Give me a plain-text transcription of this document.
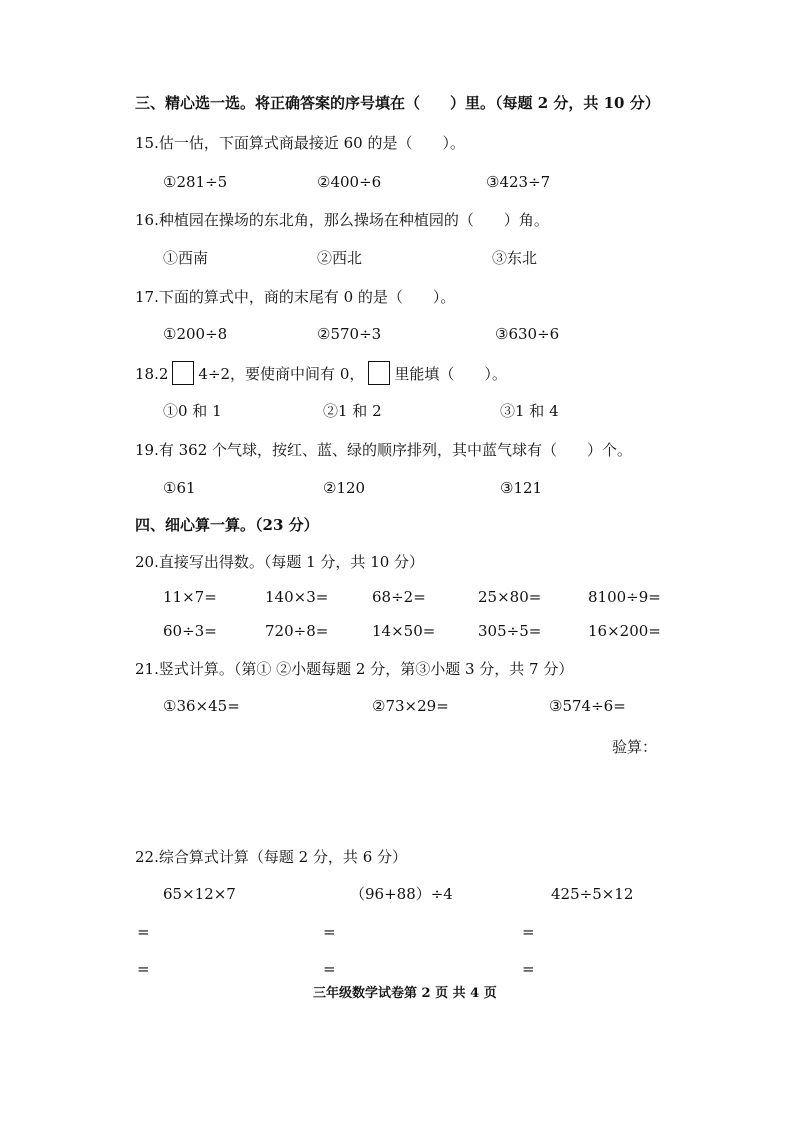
三、精心选一选。将正确答案的序号填在（　　）里。（每题 2 分，共 10 分）
15.估一估，下面算式商最接近 60 的是（　　）。
①281÷5	②400÷6	③423÷7
16.种植园在操场的东北角，那么操场在种植园的（　　）角。
①西南	②西北	③东北
17.下面的算式中，商的末尾有 0 的是（　　）。
①200÷8	②570÷3	③630÷6
18.2 4÷2，要使商中间有 0， 里能填（　　）。
①0 和 1	②1 和 2	③1 和 4
19.有 362 个气球，按红、蓝、绿的顺序排列，其中蓝气球有（　　）个。
①61	②120	③121
四、细心算一算。（23 分）
20.直接写出得数。（每题 1 分，共 10 分）
11×7=	140×3=	68÷2=	25×80=	8100÷9=
60÷3=	720÷8=	14×50=	305÷5=	16×200=
21.竖式计算。（第① ②小题每题 2 分，第③小题 3 分，共 7 分）
①36×45=	②73×29=	③574÷6=
验算：
22.综合算式计算（每题 2 分，共 6 分）
65×12×7	（96+88）÷4	425÷5×12
=	=	=
=	=	=
三年级数学试卷第 2 页 共 4 页
